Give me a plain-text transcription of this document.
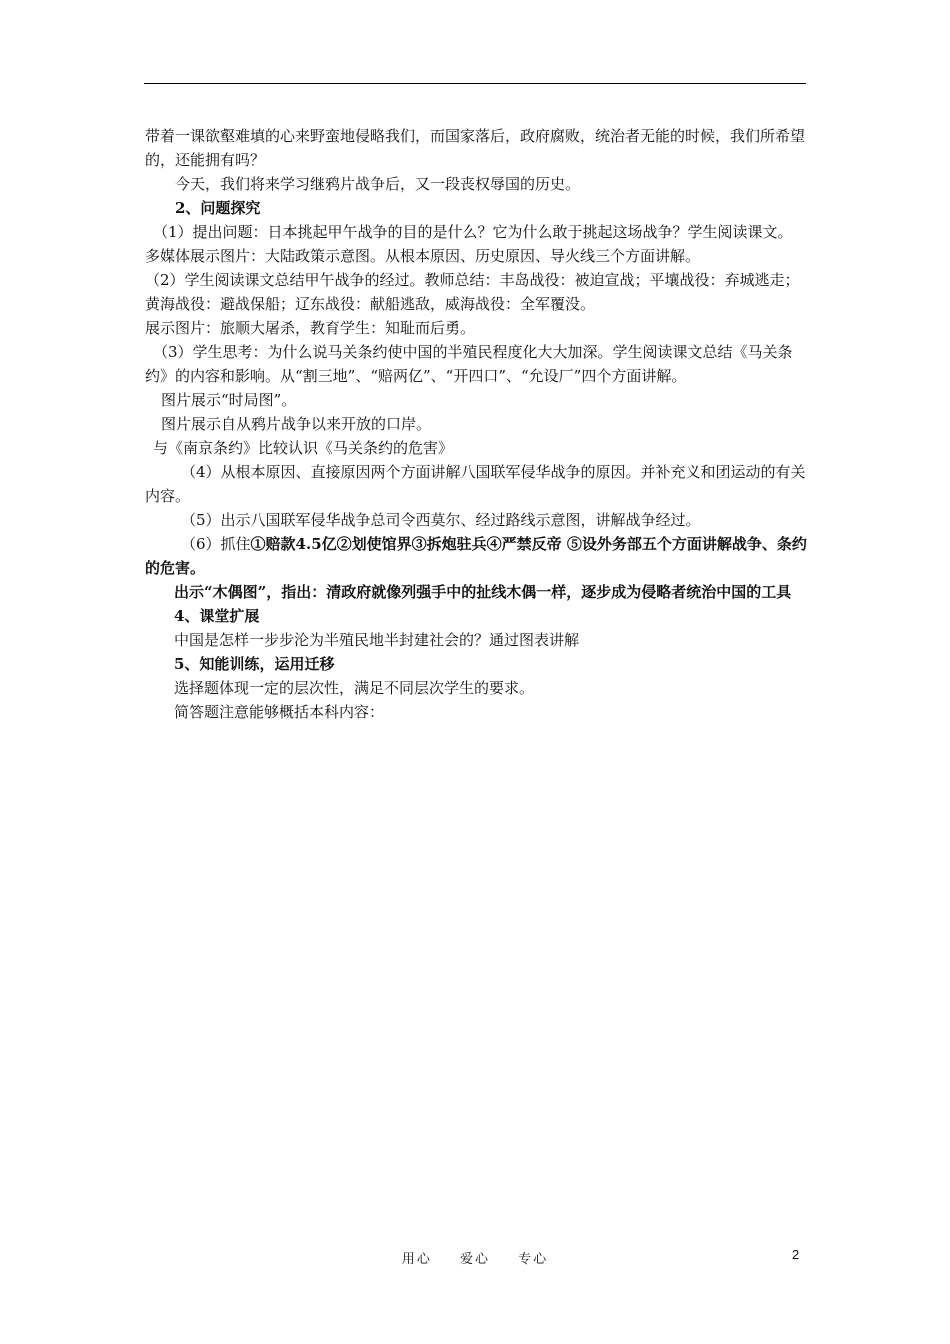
带着一课欲壑难填的心来野蛮地侵略我们，而国家落后，政府腐败，统治者无能的时候，我们所希望的，还能拥有吗？

今天，我们将来学习继鸦片战争后，又一段丧权辱国的历史。

2、问题探究

（1）提出问题：日本挑起甲午战争的目的是什么？它为什么敢于挑起这场战争？学生阅读课文。多媒体展示图片：大陆政策示意图。从根本原因、历史原因、导火线三个方面讲解。

（2）学生阅读课文总结甲午战争的经过。教师总结：丰岛战役：被迫宣战；平壤战役：弃城逃走；黄海战役：避战保船；辽东战役：献船逃敌，威海战役：全军覆没。

展示图片：旅顺大屠杀，教育学生：知耻而后勇。

（3）学生思考：为什么说马关条约使中国的半殖民程度化大大加深。学生阅读课文总结《马关条约》的内容和影响。从“割三地”、“赔两亿”、“开四口”、“允设厂”四个方面讲解。

图片展示“时局图”。

图片展示自从鸦片战争以来开放的口岸。

与《南京条约》比较认识《马关条约的危害》

（4）从根本原因、直接原因两个方面讲解八国联军侵华战争的原因。并补充义和团运动的有关内容。

（5）出示八国联军侵华战争总司令西莫尔、经过路线示意图，讲解战争经过。

（6）抓住①赔款4.5亿②划使馆界③拆炮驻兵④严禁反帝 ⑤设外务部五个方面讲解战争、条约的危害。

出示“木偶图”，指出：清政府就像列强手中的扯线木偶一样，逐步成为侵略者统治中国的工具

4、课堂扩展

中国是怎样一步步沦为半殖民地半封建社会的？通过图表讲解

5、知能训练，运用迁移

选择题体现一定的层次性，满足不同层次学生的要求。

简答题注意能够概括本科内容：

用心 爱心 专心	2
